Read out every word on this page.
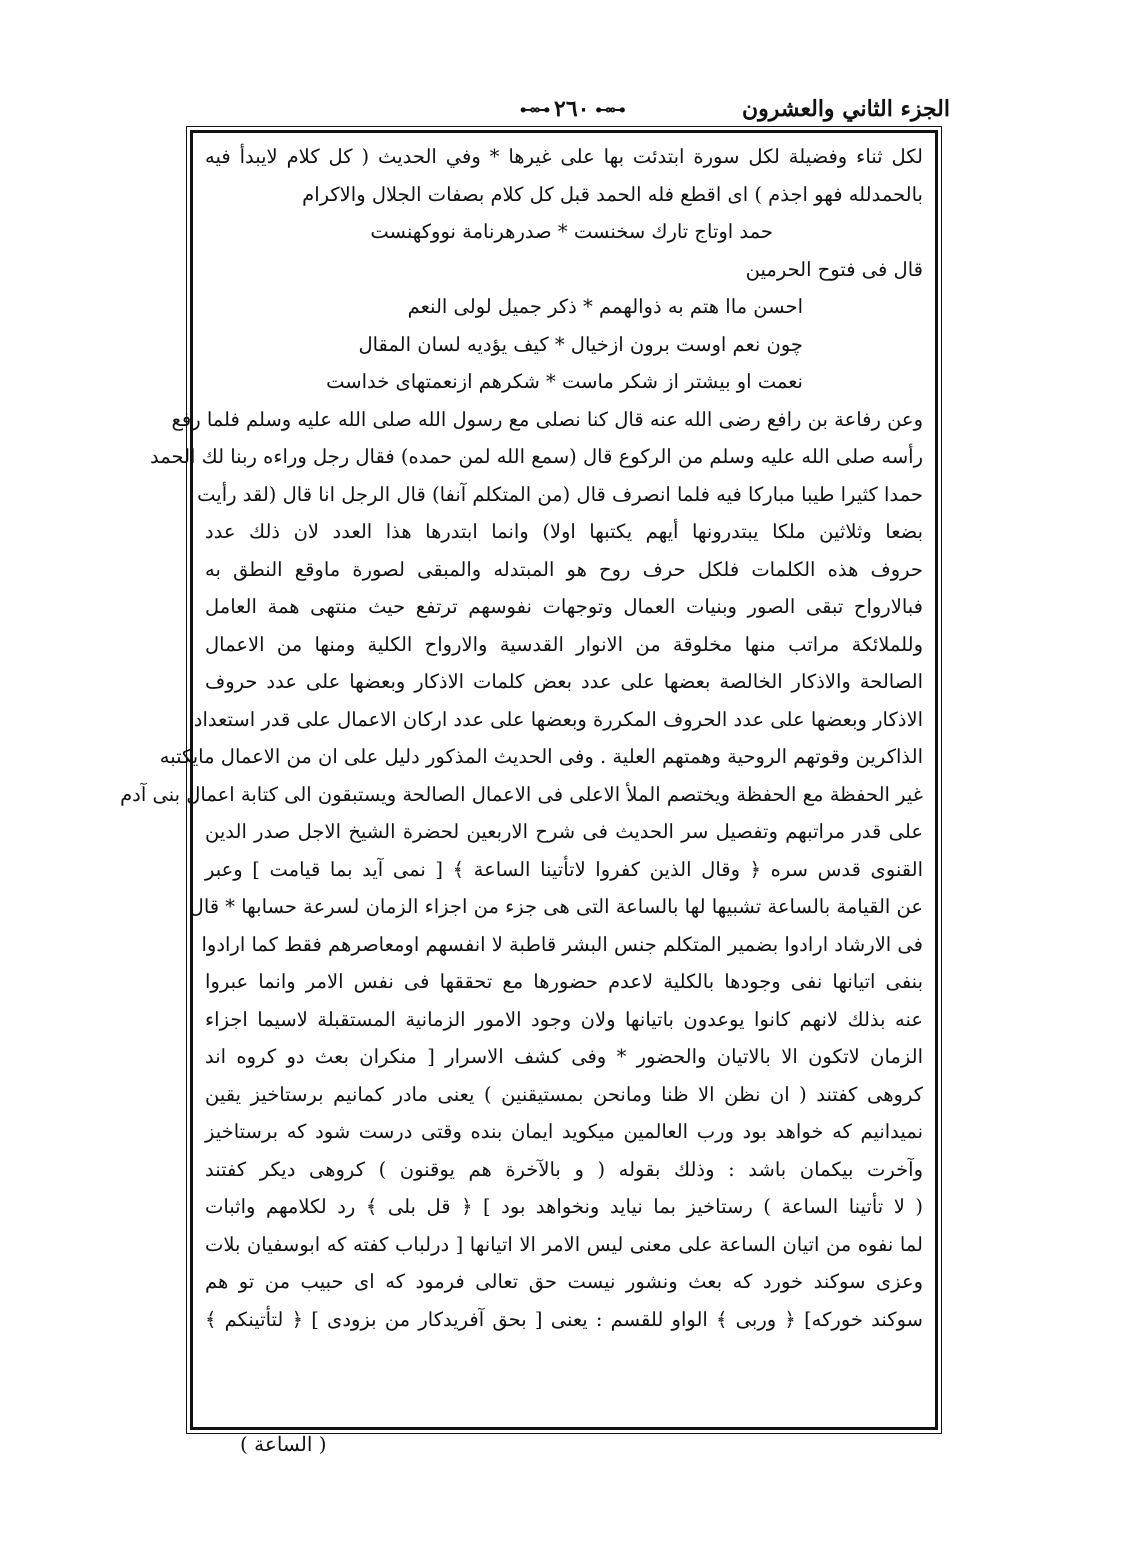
الجزء الثاني والعشرون
⊷⊶
٢٦٠
⊷⊶
لكل ثناء وفضيلة لكل سورة ابتدئت بها على غيرها * وفي الحديث ( كل كلام لايبدأ فيه
بالحمدلله فهو اجذم ) اى اقطع فله الحمد قبل كل كلام بصفات الجلال والاكرام
حمد اوتاج تارك سخنست * صدرهرنامة نووكهنست
قال فى فتوح الحرمين
احسن ماا هتم به ذوالهمم * ذكر جميل لولى النعم
چون نعم اوست برون ازخيال * كيف يؤديه لسان المقال
نعمت او بيشتر از شكر ماست * شكرهم ازنعمتهاى خداست
وعن رفاعة بن رافع رضى الله عنه قال كنا نصلى مع رسول الله صلى الله عليه وسلم فلما رفع
رأسه صلى الله عليه وسلم من الركوع قال (سمع الله لمن حمده) فقال رجل وراءه ربنا لك الحمد
حمدا كثيرا طيبا مباركا فيه فلما انصرف قال (من المتكلم آنفا) قال الرجل انا قال (لقد رأيت
بضعا وثلاثين ملكا يبتدرونها أيهم يكتبها اولا) وانما ابتدرها هذا العدد لان ذلك عدد
حروف هذه الكلمات فلكل حرف روح هو المبتدله والمبقى لصورة ماوقع النطق به
فبالارواح تبقى الصور وبنيات العمال وتوجهات نفوسهم ترتفع حيث منتهى همة العامل
وللملائكة مراتب منها مخلوقة من الانوار القدسية والارواح الكلية ومنها من الاعمال
الصالحة والاذكار الخالصة بعضها على عدد بعض كلمات الاذكار وبعضها على عدد حروف
الاذكار وبعضها على عدد الحروف المكررة وبعضها على عدد اركان الاعمال على قدر استعداد
الذاكرين وقوتهم الروحية وهمتهم العلية . وفى الحديث المذكور دليل على ان من الاعمال مايكتبه
غير الحفظة مع الحفظة ويختصم الملأ الاعلى فى الاعمال الصالحة ويستبقون الى كتابة اعمال بنى آدم
على قدر مراتبهم وتفصيل سر الحديث فى شرح الاربعين لحضرة الشيخ الاجل صدر الدين
القنوى قدس سره ﴿ وقال الذين كفروا لاتأتينا الساعة ﴾ [ نمى آيد بما قيامت ] وعبر
عن القيامة بالساعة تشبيها لها بالساعة التى هى جزء من اجزاء الزمان لسرعة حسابها * قال
فى الارشاد ارادوا بضمير المتكلم جنس البشر قاطبة لا انفسهم اومعاصرهم فقط كما ارادوا
بنفى اتيانها نفى وجودها بالكلية لاعدم حضورها مع تحققها فى نفس الامر وانما عبروا
عنه بذلك لانهم كانوا يوعدون باتيانها ولان وجود الامور الزمانية المستقبلة لاسيما اجزاء
الزمان لاتكون الا بالاتيان والحضور * وفى كشف الاسرار [ منكران بعث دو كروه اند
كروهى كفتند ( ان نظن الا ظنا ومانحن بمستيقنين ) يعنى مادر كمانيم برستاخيز يقين
نميدانيم كه خواهد بود ورب العالمين ميكويد ايمان بنده وقتى درست شود كه برستاخيز
وآخرت بيكمان باشد : وذلك بقوله ( و بالآخرة هم يوقنون ) كروهى ديكر كفتند
( لا تأتينا الساعة ) رستاخيز بما نيايد ونخواهد بود ] ﴿ قل بلى ﴾ رد لكلامهم واثبات
لما نفوه من اتيان الساعة على معنى ليس الامر الا اتيانها [ درلباب كفته كه ابوسفيان بلات
وعزى سوكند خورد كه بعث ونشور نيست حق تعالى فرمود كه اى حبيب من تو هم
سوكند خوركه] ﴿ وربى ﴾ الواو للقسم : يعنى [ بحق آفريدكار من بزودى ] ﴿ لتأتينكم ﴾
( الساعة )
